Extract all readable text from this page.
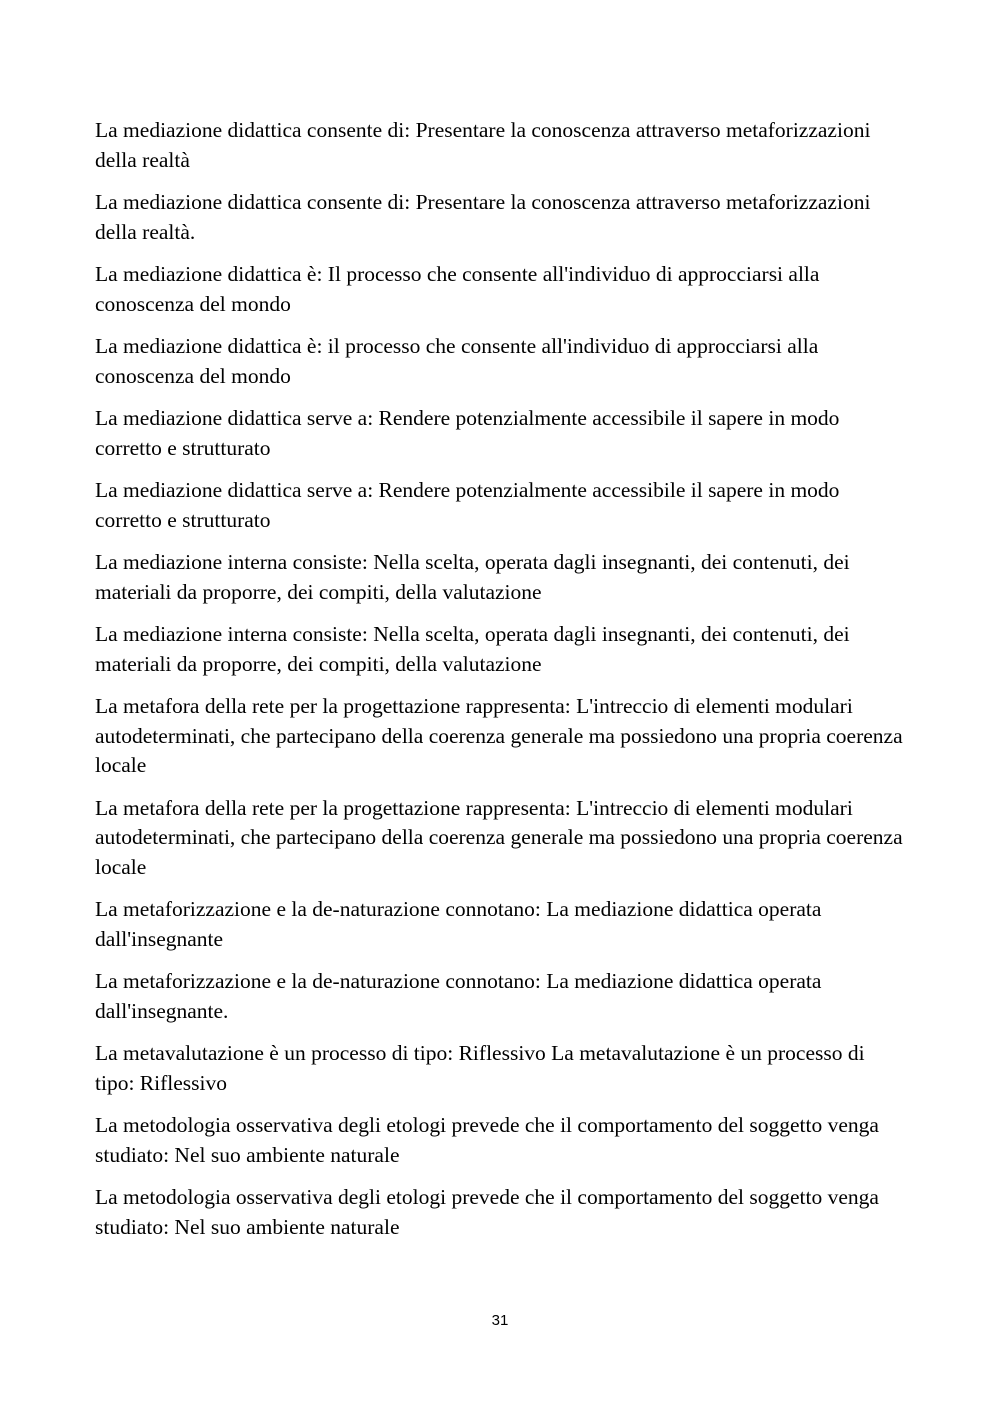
La mediazione didattica consente di: Presentare la conoscenza attraverso metaforizzazioni della realtà

La mediazione didattica consente di: Presentare la conoscenza attraverso metaforizzazioni della realtà.

La mediazione didattica è: Il processo che consente all'individuo di approcciarsi alla conoscenza del mondo

La mediazione didattica è: il processo che consente all'individuo di approcciarsi alla conoscenza del mondo

La mediazione didattica serve a: Rendere potenzialmente accessibile il sapere in modo corretto e strutturato

La mediazione didattica serve a: Rendere potenzialmente accessibile il sapere in modo corretto e strutturato

La mediazione interna consiste: Nella scelta, operata dagli insegnanti, dei contenuti, dei materiali da proporre, dei compiti, della valutazione

La mediazione interna consiste: Nella scelta, operata dagli insegnanti, dei contenuti, dei materiali da proporre, dei compiti, della valutazione

La metafora della rete per la progettazione rappresenta: L'intreccio di elementi modulari autodeterminati, che partecipano della coerenza generale ma possiedono una propria coerenza locale

La metafora della rete per la progettazione rappresenta: L'intreccio di elementi modulari autodeterminati, che partecipano della coerenza generale ma possiedono una propria coerenza locale

La metaforizzazione e la de-naturazione connotano: La mediazione didattica operata dall'insegnante

La metaforizzazione e la de-naturazione connotano: La mediazione didattica operata dall'insegnante.

La metavalutazione è un processo di tipo: Riflessivo La metavalutazione è un processo di tipo: Riflessivo

La metodologia osservativa degli etologi prevede che il comportamento del soggetto venga studiato: Nel suo ambiente naturale

La metodologia osservativa degli etologi prevede che il comportamento del soggetto venga studiato: Nel suo ambiente naturale

31
